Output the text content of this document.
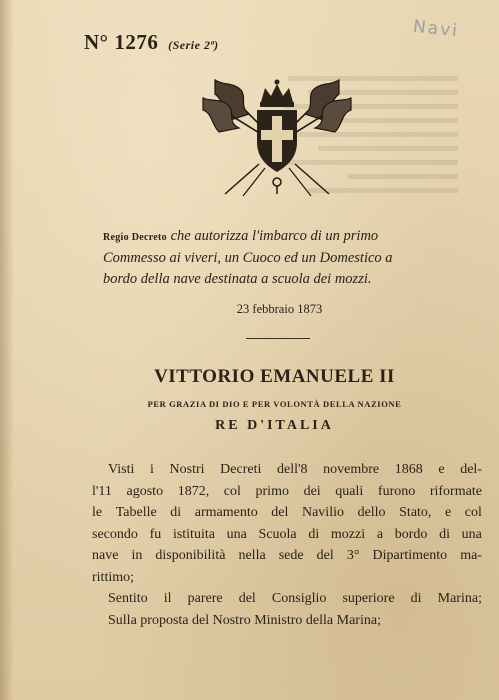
N° 1276 (Serie 2ª)
Navi
Regio Decreto che autorizza l'imbarco di un primo
Commesso ai viveri, un Cuoco ed un Domestico a
bordo della nave destinata a scuola dei mozzi.
23 febbraio 1873
VITTORIO EMANUELE II
PER GRAZIA DI DIO E PER VOLONTÀ DELLA NAZIONE
RE D'ITALIA
Visti i Nostri Decreti dell'8 novembre 1868 e del-
l'11 agosto 1872, col primo dei quali furono riformate
le Tabelle di armamento del Navilio dello Stato, e col
secondo fu istituita una Scuola di mozzi a bordo di una
nave in disponibilità nella sede del 3° Dipartimento ma-
rittimo;
Sentito il parere del Consiglio superiore di Marina;
Sulla proposta del Nostro Ministro della Marina;
